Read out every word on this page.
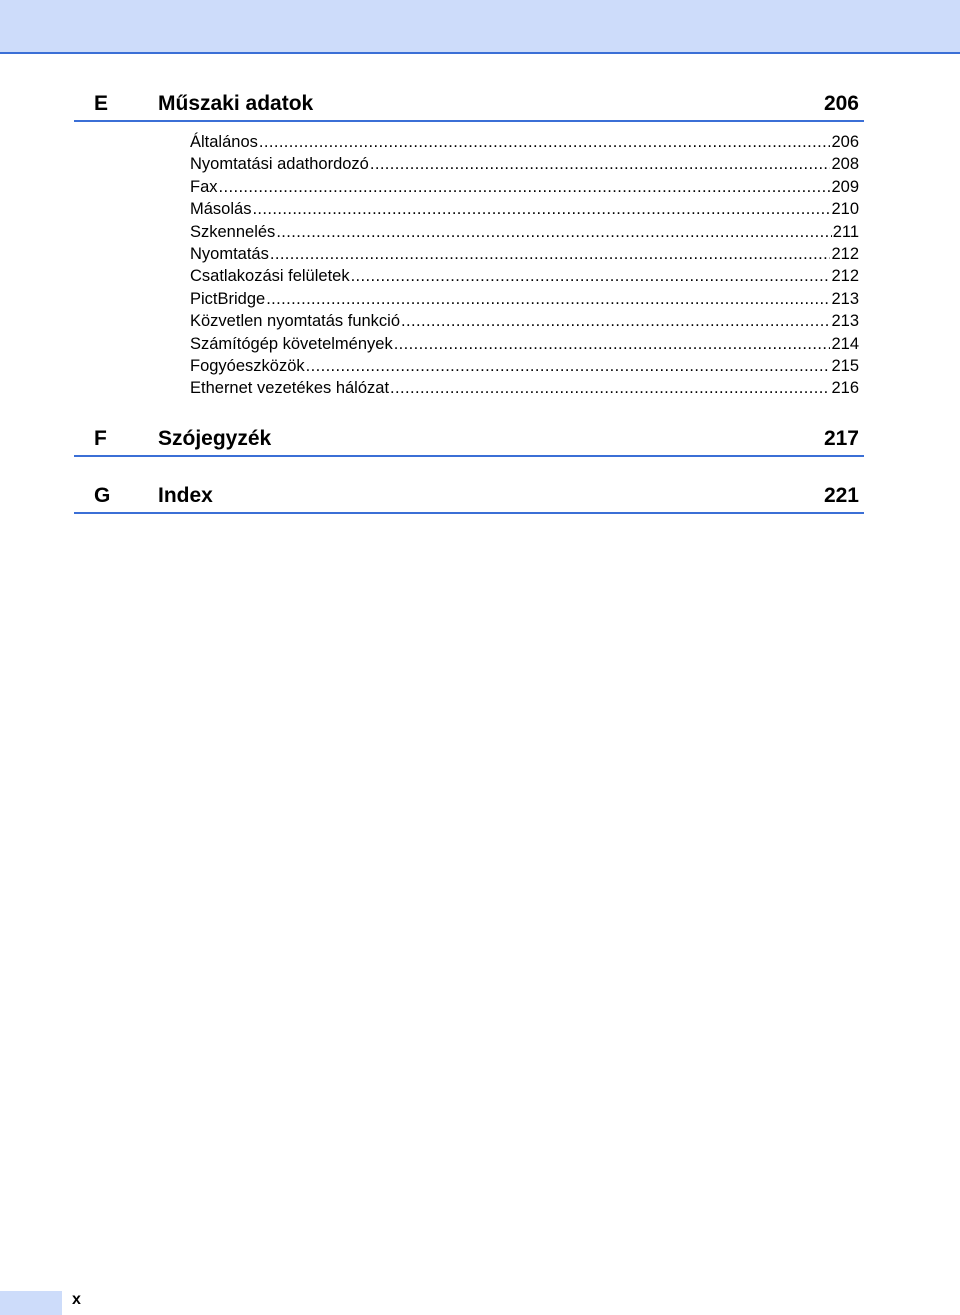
E Műszaki adatok	206
Általános .....	206
Nyomtatási adathordozó .....	208
Fax .....	209
Másolás .....	210
Szkennelés .....	211
Nyomtatás .....	212
Csatlakozási felületek .....	212
PictBridge .....	213
Közvetlen nyomtatás funkció .....	213
Számítógép követelmények .....	214
Fogyóeszközök .....	215
Ethernet vezetékes hálózat .....	216
F Szójegyzék	217
G Index	221
x
